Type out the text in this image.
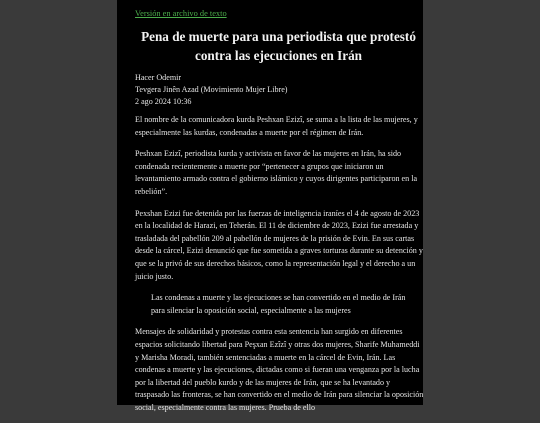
Versión en archivo de texto
Pena de muerte para una periodista que protestó contra las ejecuciones en Irán
Hacer Odemir
Tevgera Jinên Azad (Movimiento Mujer Libre)
2 ago 2024 10:36

El nombre de la comunicadora kurda Peshxan Ezizî, se suma a la lista de las mujeres, y especialmente las kurdas, condenadas a muerte por el régimen de Irán.

Peshxan Ezizî, periodista kurda y activista en favor de las mujeres en Irán, ha sido condenada recientemente a muerte por “pertenecer a grupos que iniciaron un levantamiento armado contra el gobierno islámico y cuyos dirigentes participaron en la rebelión”.

Pexshan Ezizi fue detenida por las fuerzas de inteligencia iraníes el 4 de agosto de 2023 en la localidad de Harazi, en Teherán. El 11 de diciembre de 2023, Ezizi fue arrestada y trasladada del pabellón 209 al pabellón de mujeres de la prisión de Evin. En sus cartas desde la cárcel, Ezizi denunció que fue sometida a graves torturas durante su detención y que se la privó de sus derechos básicos, como la representación legal y el derecho a un juicio justo.

Las condenas a muerte y las ejecuciones se han convertido en el medio de Irán para silenciar la oposición social, especialmente a las mujeres

Mensajes de solidaridad y protestas contra esta sentencia han surgido en diferentes espacios solicitando libertad para Peşxan Ezîzî y otras dos mujeres, Sharife Muhameddi y Marisha Moradi, también sentenciadas a muerte en la cárcel de Evin, Irán. Las condenas a muerte y las ejecuciones, dictadas como si fueran una venganza por la lucha por la libertad del pueblo kurdo y de las mujeres de Irán, que se ha levantado y traspasado las fronteras, se han convertido en el medio de Irán para silenciar la oposición social, especialmente contra las mujeres. Prueba de ello
